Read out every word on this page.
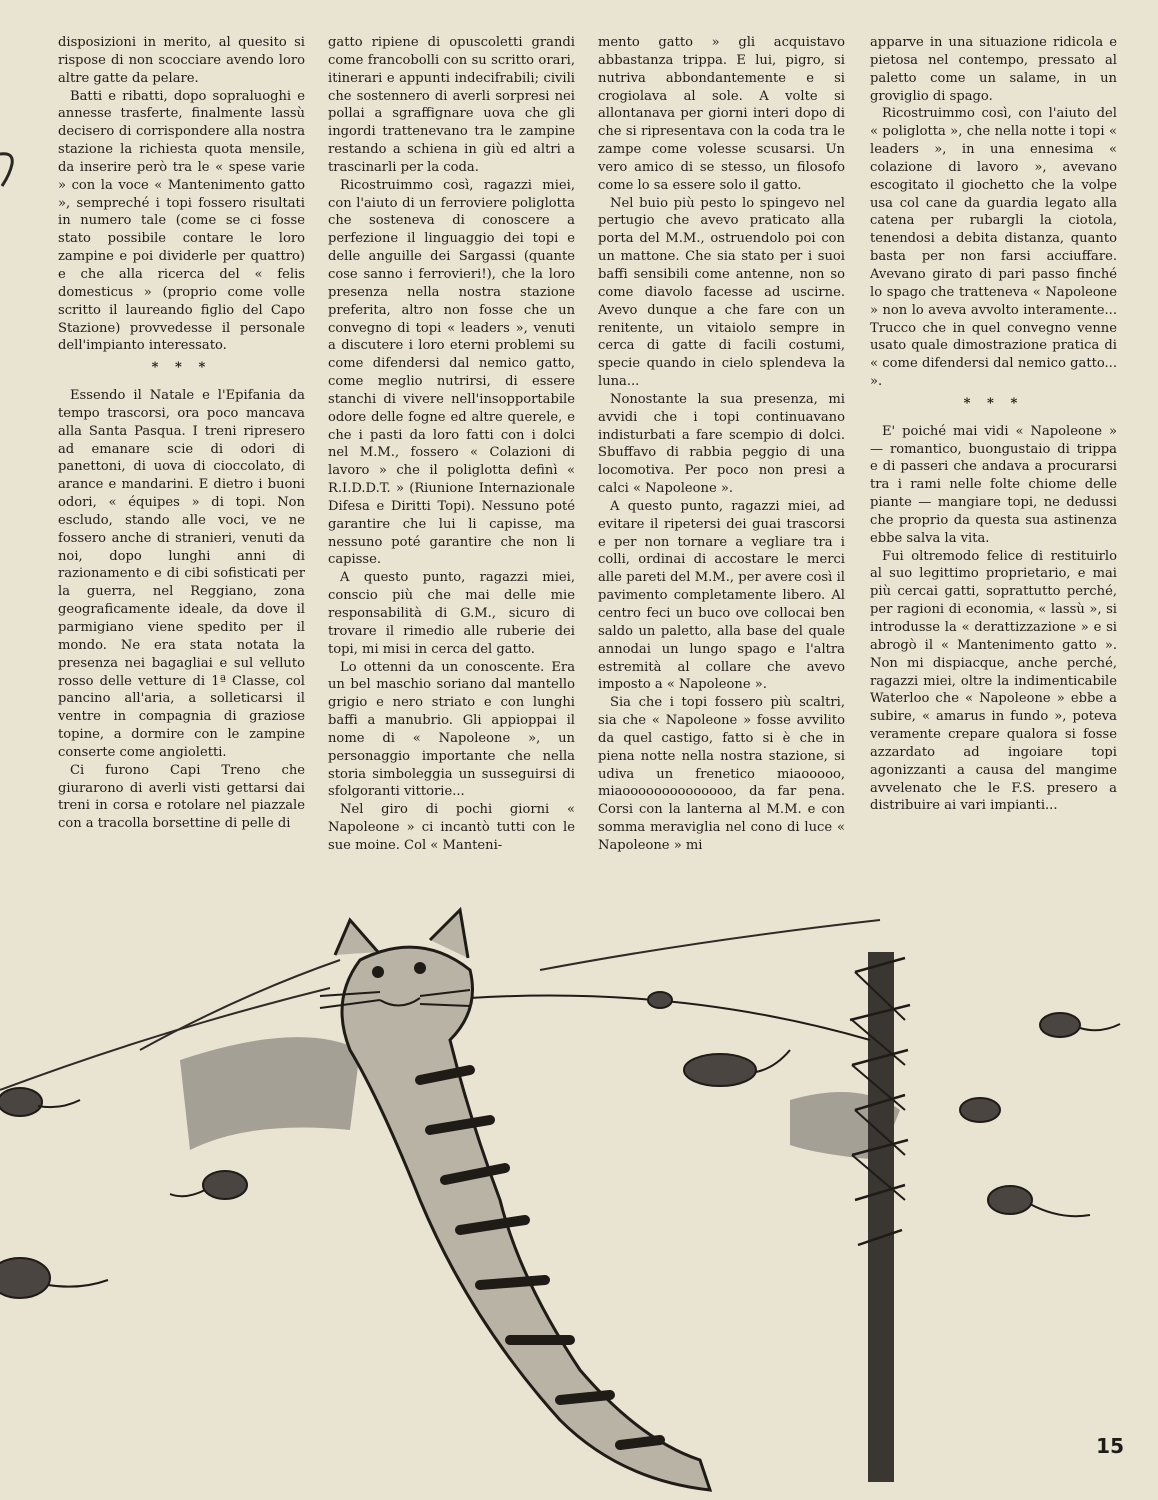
disposizioni in merito, al quesito si rispose di non scocciare avendo loro altre gatte da pelare.

Batti e ribatti, dopo sopraluoghi e annesse trasferte, finalmente lassù decisero di corrispondere alla nostra stazione la richiesta quota mensile, da inserire però tra le « spese varie » con la voce « Mantenimento gatto », sempreché i topi fossero risultati in numero tale (come se ci fosse stato possibile contare le loro zampine e poi dividerle per quattro) e che alla ricerca del « felis domesticus » (proprio come volle scritto il laureando figlio del Capo Stazione) provvedesse il personale dell'impianto interessato.

* * *

Essendo il Natale e l'Epifania da tempo trascorsi, ora poco mancava alla Santa Pasqua. I treni ripresero ad emanare scie di odori di panettoni, di uova di cioccolato, di arance e mandarini. E dietro i buoni odori, « équipes » di topi. Non escludo, stando alle voci, ve ne fossero anche di stranieri, venuti da noi, dopo lunghi anni di razionamento e di cibi sofisticati per la guerra, nel Reggiano, zona geograficamente ideale, da dove il parmigiano viene spedito per il mondo. Ne era stata notata la presenza nei bagagliai e sul velluto rosso delle vetture di 1ª Classe, col pancino all'aria, a solleticarsi il ventre in compagnia di graziose topine, a dormire con le zampine conserte come angioletti.

Ci furono Capi Treno che giurarono di averli visti gettarsi dai treni in corsa e rotolare nel piazzale con a tracolla borsettine di pelle di

gatto ripiene di opuscoletti grandi come francobolli con su scritto orari, itinerari e appunti indecifrabili; civili che sostennero di averli sorpresi nei pollai a sgraffignare uova che gli ingordi trattenevano tra le zampine restando a schiena in giù ed altri a trascinarli per la coda.

Ricostruimmo così, ragazzi miei, con l'aiuto di un ferroviere poliglotta che sosteneva di conoscere a perfezione il linguaggio dei topi e delle anguille dei Sargassi (quante cose sanno i ferrovieri!), che la loro presenza nella nostra stazione preferita, altro non fosse che un convegno di topi « leaders », venuti a discutere i loro eterni problemi su come difendersi dal nemico gatto, come meglio nutrirsi, di essere stanchi di vivere nell'insopportabile odore delle fogne ed altre querele, e che i pasti da loro fatti con i dolci nel M.M., fossero « Colazioni di lavoro » che il poliglotta definì « R.I.D.D.T. » (Riunione Internazionale Difesa e Diritti Topi). Nessuno poté garantire che lui li capisse, ma nessuno poté garantire che non li capisse.

A questo punto, ragazzi miei, conscio più che mai delle mie responsabilità di G.M., sicuro di trovare il rimedio alle ruberie dei topi, mi misi in cerca del gatto.

Lo ottenni da un conoscente. Era un bel maschio soriano dal mantello grigio e nero striato e con lunghi baffi a manubrio. Gli appioppai il nome di « Napoleone », un personaggio importante che nella storia simboleggia un susseguirsi di sfolgoranti vittorie...

Nel giro di pochi giorni « Napoleone » ci incantò tutti con le sue moine. Col « Manteni-

mento gatto » gli acquistavo abbastanza trippa. E lui, pigro, si nutriva abbondantemente e si crogiolava al sole. A volte si allontanava per giorni interi dopo di che si ripresentava con la coda tra le zampe come volesse scusarsi. Un vero amico di se stesso, un filosofo come lo sa essere solo il gatto.

Nel buio più pesto lo spingevo nel pertugio che avevo praticato alla porta del M.M., ostruendolo poi con un mattone. Che sia stato per i suoi baffi sensibili come antenne, non so come diavolo facesse ad uscirne. Avevo dunque a che fare con un renitente, un vitaiolo sempre in cerca di gatte di facili costumi, specie quando in cielo splendeva la luna...

Nonostante la sua presenza, mi avvidi che i topi continuavano indisturbati a fare scempio di dolci. Sbuffavo di rabbia peggio di una locomotiva. Per poco non presi a calci « Napoleone ».

A questo punto, ragazzi miei, ad evitare il ripetersi dei guai trascorsi e per non tornare a vegliare tra i colli, ordinai di accostare le merci alle pareti del M.M., per avere così il pavimento completamente libero. Al centro feci un buco ove collocai ben saldo un paletto, alla base del quale annodai un lungo spago e l'altra estremità al collare che avevo imposto a « Napoleone ».

Sia che i topi fossero più scaltri, sia che « Napoleone » fosse avvilito da quel castigo, fatto si è che in piena notte nella nostra stazione, si udiva un frenetico miaooooo, miaoooooooooooooo, da far pena. Corsi con la lanterna al M.M. e con somma meraviglia nel cono di luce « Napoleone » mi

apparve in una situazione ridicola e pietosa nel contempo, pressato al paletto come un salame, in un groviglio di spago.

Ricostruimmo così, con l'aiuto del « poliglotta », che nella notte i topi « leaders », in una ennesima « colazione di lavoro », avevano escogitato il giochetto che la volpe usa col cane da guardia legato alla catena per rubargli la ciotola, tenendosi a debita distanza, quanto basta per non farsi acciuffare. Avevano girato di pari passo finché lo spago che tratteneva « Napoleone » non lo aveva avvolto interamente... Trucco che in quel convegno venne usato quale dimostrazione pratica di « come difendersi dal nemico gatto... ».

* * *

E' poiché mai vidi « Napoleone » — romantico, buongustaio di trippa e di passeri che andava a procurarsi tra i rami nelle folte chiome delle piante — mangiare topi, ne dedussi che proprio da questa sua astinenza ebbe salva la vita.

Fui oltremodo felice di restituirlo al suo legittimo proprietario, e mai più cercai gatti, soprattutto perché, per ragioni di economia, « lassù », si introdusse la « derattizzazione » e si abrogò il « Mantenimento gatto ». Non mi dispiacque, anche perché, ragazzi miei, oltre la indimenticabile Waterloo che « Napoleone » ebbe a subire, « amarus in fundo », poteva veramente crepare qualora si fosse azzardato ad ingoiare topi agonizzanti a causa del mangime avvelenato che le F.S. presero a distribuire ai vari impianti...

15
